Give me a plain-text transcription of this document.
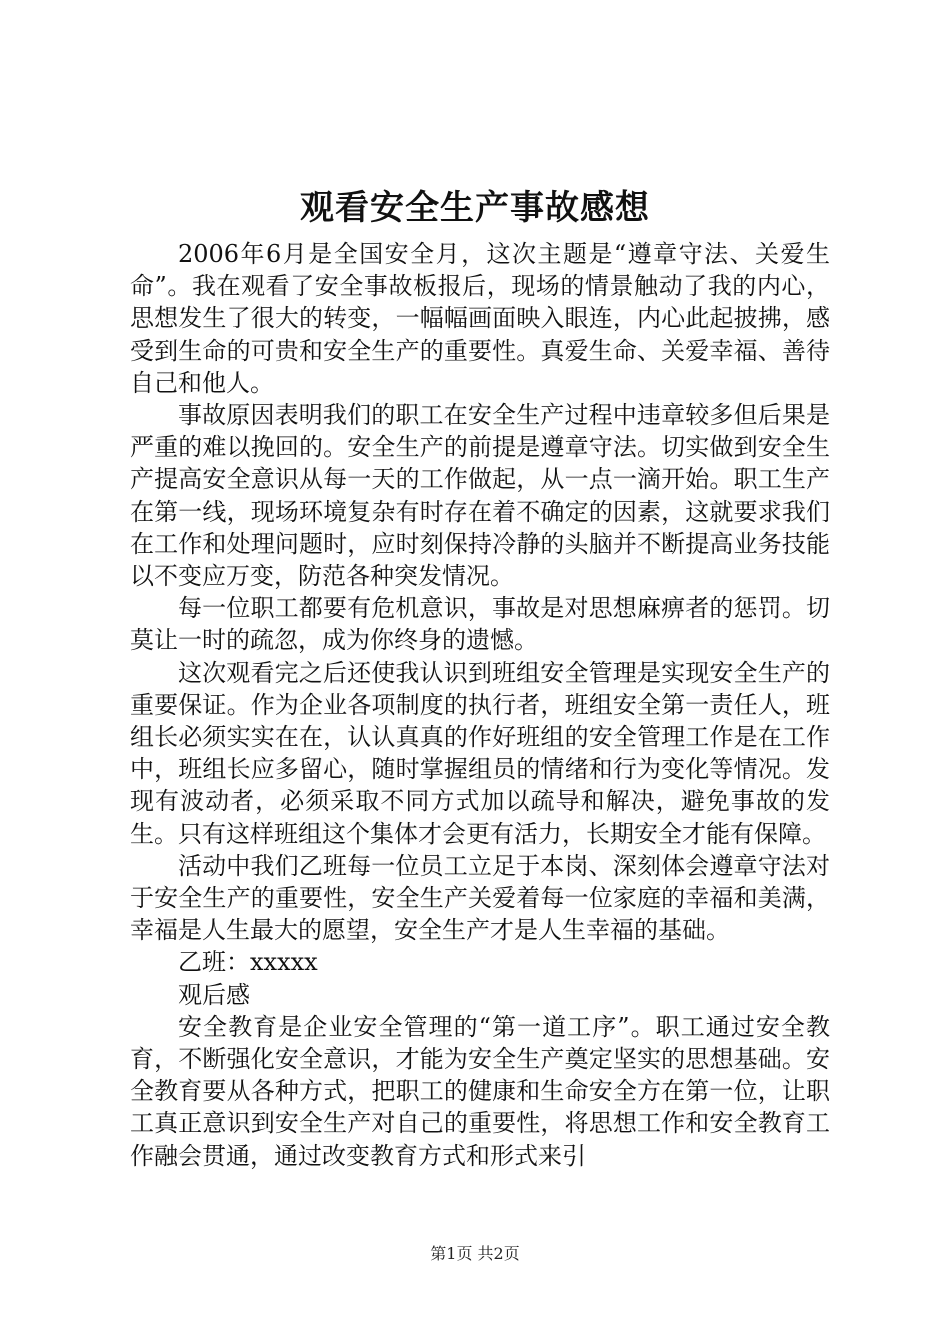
观看安全生产事故感想

2006年6月是全国安全月，这次主题是“遵章守法、关爱生命”。我在观看了安全事故板报后，现场的情景触动了我的内心，思想发生了很大的转变，一幅幅画面映入眼连，内心此起披拂，感受到生命的可贵和安全生产的重要性。真爱生命、关爱幸福、善待自己和他人。

事故原因表明我们的职工在安全生产过程中违章较多但后果是严重的难以挽回的。安全生产的前提是遵章守法。切实做到安全生产提高安全意识从每一天的工作做起，从一点一滴开始。职工生产在第一线，现场环境复杂有时存在着不确定的因素，这就要求我们在工作和处理问题时，应时刻保持冷静的头脑并不断提高业务技能以不变应万变，防范各种突发情况。

每一位职工都要有危机意识，事故是对思想麻痹者的惩罚。切莫让一时的疏忽，成为你终身的遗憾。

这次观看完之后还使我认识到班组安全管理是实现安全生产的重要保证。作为企业各项制度的执行者，班组安全第一责任人，班组长必须实实在在，认认真真的作好班组的安全管理工作是在工作中，班组长应多留心，随时掌握组员的情绪和行为变化等情况。发现有波动者，必须采取不同方式加以疏导和解决，避免事故的发生。只有这样班组这个集体才会更有活力，长期安全才能有保障。

活动中我们乙班每一位员工立足于本岗、深刻体会遵章守法对于安全生产的重要性，安全生产关爱着每一位家庭的幸福和美满，幸福是人生最大的愿望，安全生产才是人生幸福的基础。

乙班：xxxxx

观后感

安全教育是企业安全管理的“第一道工序”。职工通过安全教育，不断强化安全意识，才能为安全生产奠定坚实的思想基础。安全教育要从各种方式，把职工的健康和生命安全方在第一位，让职工真正意识到安全生产对自己的重要性，将思想工作和安全教育工作融会贯通，通过改变教育方式和形式来引

第1页 共2页
